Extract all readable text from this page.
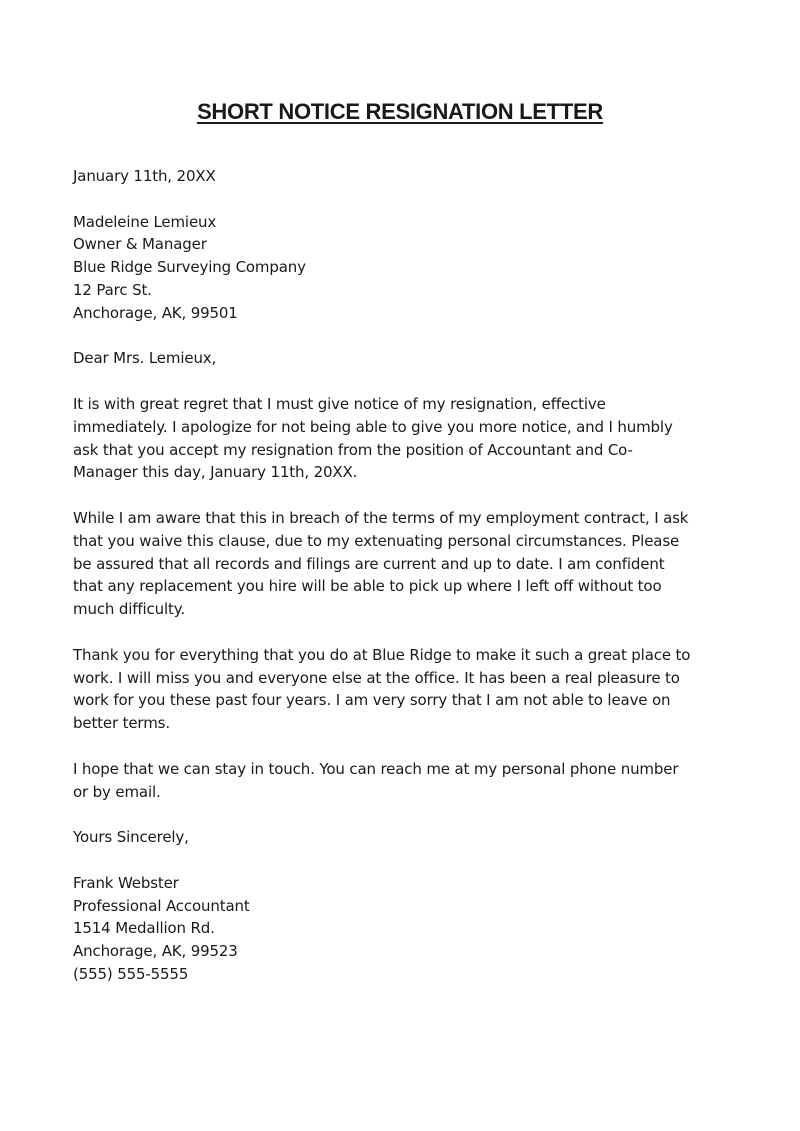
SHORT NOTICE RESIGNATION LETTER
January 11th, 20XX
Madeleine Lemieux
Owner & Manager
Blue Ridge Surveying Company
12 Parc St.
Anchorage, AK, 99501
Dear Mrs. Lemieux,
It is with great regret that I must give notice of my resignation, effective
immediately. I apologize for not being able to give you more notice, and I humbly
ask that you accept my resignation from the position of Accountant and Co-
Manager this day, January 11th, 20XX.
While I am aware that this in breach of the terms of my employment contract, I ask
that you waive this clause, due to my extenuating personal circumstances. Please
be assured that all records and filings are current and up to date. I am confident
that any replacement you hire will be able to pick up where I left off without too
much difficulty.
Thank you for everything that you do at Blue Ridge to make it such a great place to
work. I will miss you and everyone else at the office. It has been a real pleasure to
work for you these past four years. I am very sorry that I am not able to leave on
better terms.
I hope that we can stay in touch. You can reach me at my personal phone number
or by email.
Yours Sincerely,
Frank Webster
Professional Accountant
1514 Medallion Rd.
Anchorage, AK, 99523
(555) 555-5555
